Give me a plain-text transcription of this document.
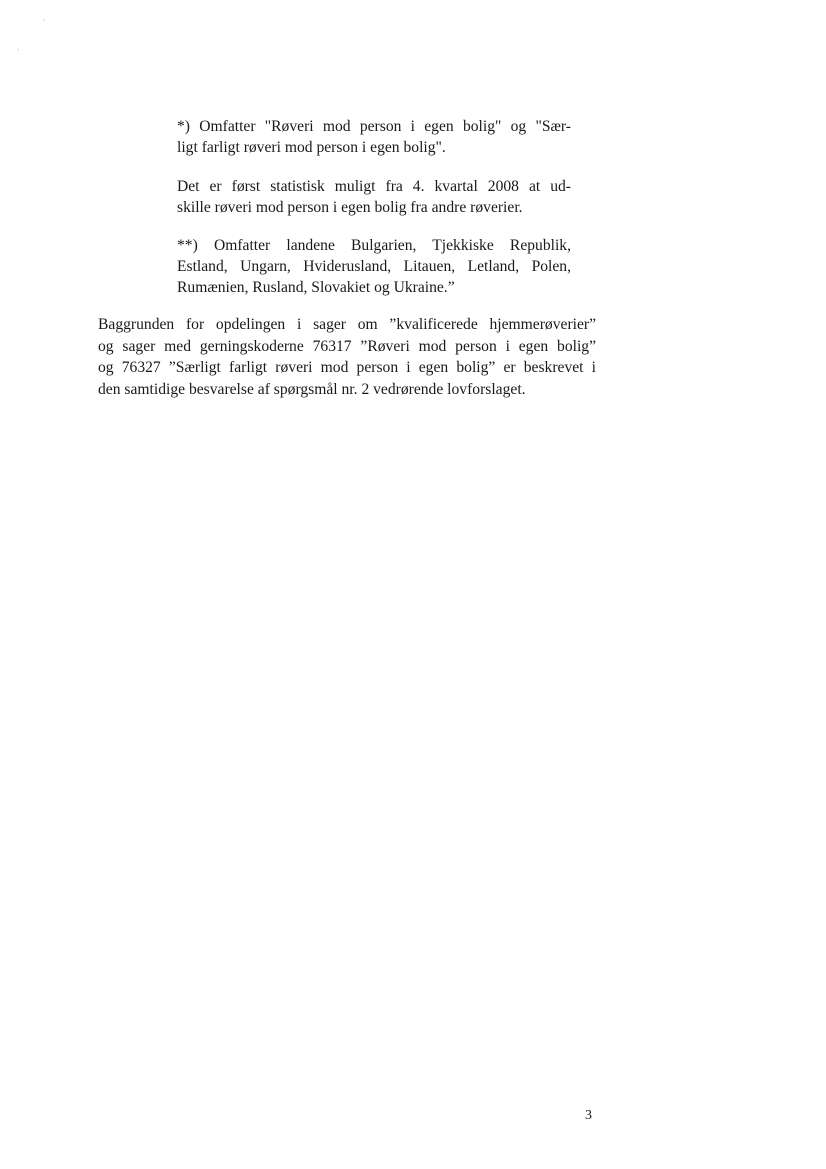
ˏ
ˏ

*) Omfatter "Røveri mod person i egen bolig" og "Sær-
ligt farligt røveri mod person i egen bolig".

Det er først statistisk muligt fra 4. kvartal 2008 at ud-
skille røveri mod person i egen bolig fra andre røverier.

**) Omfatter landene Bulgarien, Tjekkiske Republik,
Estland, Ungarn, Hviderusland, Litauen, Letland, Polen,
Rumænien, Rusland, Slovakiet og Ukraine.”

Baggrunden for opdelingen i sager om ”kvalificerede hjemmerøverier”
og sager med gerningskoderne 76317 ”Røveri mod person i egen bolig”
og 76327 ”Særligt farligt røveri mod person i egen bolig” er beskrevet i
den samtidige besvarelse af spørgsmål nr. 2 vedrørende lovforslaget.

3
